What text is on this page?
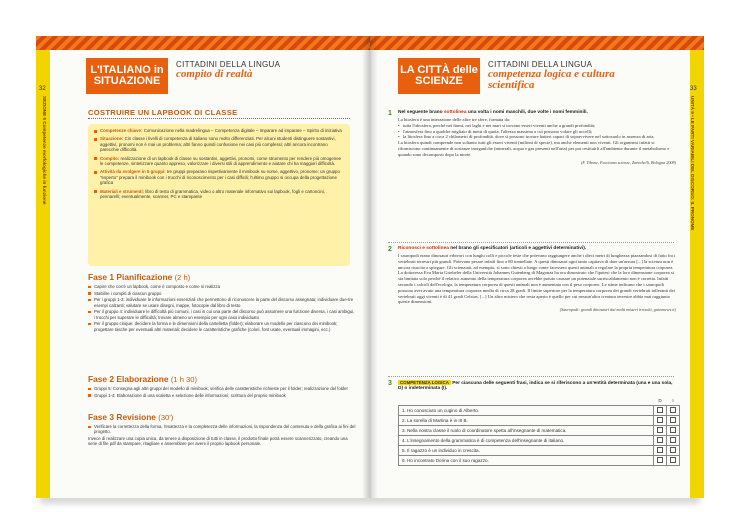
32
SEZIONE 5 Competenze morfologiche in funzione
L'ITALIANO in SITUAZIONE
CITTADINI DELLA LINGUA
compito di realtà
COSTRUIRE UN LAPBOOK DI CLASSE
Competenze chiave: Comunicazione nella madrelingua – Competenza digitale – Imparare ad imparare – Spirito di iniziativa
Situazione: Cin classe i livelli di competenza di italiano sono molto differenziati. Per alcuni studenti distinguere sostantivi, aggettivi, pronomi non è mai un problema; altri fanno quindi confusione nei casi più complessi; altri ancora incontrano parecchie difficoltà.
Compito: realizzazione di un lapbook di classe su sostantivi, aggettivi, pronomi, come strumento per rendere più omogenee le competenze, sintetizzare quanto appreso, valorizzare i diversi stili di apprendimento e aiutare chi ha maggiori difficoltà.
Attività da svolgere in 5 gruppi: tre gruppi preparano rispettivamente il minibook su nome, aggettivo, pronome; un gruppo "esperto" prepara il minibook con i trucchi di riconoscimento per i casi difficili; l'ultimo gruppo si occupa della progettazione grafica
Materiali e strumenti: libro di testo di grammatica, video o altro materiale informativo sui lapbook, fogli e cartoncini, pennarelli; eventualmente, scanner, PC e stampante
Fase 1 Pianificazione (2 h)
Capire che cos'è un lapbook, come è composto e come si realizza
Stabilire i compiti di ciascun gruppo
Per i gruppi 1-3: individuare le informazioni essenziali che permettono di riconoscere la parte del discorso assegnata; individuare due-tre esempi calzanti; valutare se usare disegni, mappe, fotocopie dal libro di testo
Per il gruppo 4: individuare le difficoltà più comuni, i casi in cui una parte del discorso può assumere una funzione diversa, i casi ambigui, i trucchi per superare le difficoltà; trovare almeno un esempio per ogni caso individuato
Per il gruppo cinque: decidere la forma e le dimensioni della cartelletta (folder); elaborare un modello per ciascuno dei minibook; progettare tasche per eventuali altri materiali; decidere le caratteristiche grafiche (colori, font usate, eventuali immagini, ecc.)
Fase 2 Elaborazione (1 h 30)
Gruppi 5: Consegna agli altri gruppi del modello di minibook; verifica delle caratteristiche richieste per il folder; realizzazione del folder
Gruppi 1-4: Elaborazione di una scaletta e selezione delle informazioni; scrittura del proprio minibook
Fase 3 Revisione (30')
Verificare la correttezza della forma, l'esattezza e la completezza delle informazioni, la rispondenza del contenuto e della grafica ai fini del progetto.

Invece di realizzare una copia unica, da tenere a disposizione di tutti in classe, il prodotto finale potrà essere scannerizzato, creando una serie di file pdf da stampare, ritagliare e assemblare per avere il proprio lapbook personale.

33
UNITÀ 9 • LE PARTI VARIABILI DEL DISCORSO: IL PRONOME
LA CITTÀ delle SCIENZE
CITTADINI DELLA LINGUA
competenza logica e cultura scientifica
1 Nel seguente brano sottolinea una volta i nomi maschili, due volte i nomi femminili.
La biosfera è una interazione delle altre tre sfere, formata da:
• tutta l'idrosfera, perché nei fiumi, nei laghi e nei mari si trovano esseri viventi anche a grandi profondità;
• l'atmosfera fino a qualche migliaio di metri di quota, l'altezza massima a cui possono volare gli uccelli;
• la litosfera fino a circa 2 chilometri di profondità, dove si possono trovare batteri capaci di sopravvivere nel sottosuolo in assenza di aria.
La biosfera quindi comprende non soltanto tutti gli esseri viventi (milioni di specie), ma anche elementi non viventi. Gli organismi infatti si riforniscono continuamente di sostanze inorganiche (minerali, acqua e gas presenti nell'aria) per poi restituirli all'ambiente durante il metabolismo e quando sono decomposti dopo la morte.
(F. Tibone, Facciamo scienze, Zanichelli, Bologna 2008)
2 Riconosci e sottolinea nel brano gli specificatori (articoli e aggettivi determinativi).
I sauropodi erano dinosauri erbivori con lunghi colli e piccole teste che potevano raggiungere anche i dieci metri di lunghezza piazzandosi di fatto fra i vertebrati terrestri più grandi. Potevano pesare infatti fino a 80 tonnellate. A questi dinosauri ogni tanto capitava di dare un'arsura [...] la scienza non è ancora riuscita a spiegare. Gli scienziati, ad esempio, si sono chiesti a lungo come facessero questi animali a regolare la propria temperatura corporea. La dottoressa Eva Maria Griebeler della Università Johannes Gutenberg di Magonza ha ora dimostrato che l'ipotesi che la loro dimensione corporea si sia limitata solo perché il relativo aumento della temperatura corporea avrebbe potuto causare un potenziale surriscaldamento non è corretta. Infatti secondo i calcoli dell'ecologa, la temperatura corporea di questi animali non è aumentata con il peso corporeo. Le stime indicano che i sauropodi possono aver avuto una temperatura corporea media di circa 28 gradi. Il limite superiore per la temperatura corporea dei grandi vertebrati tolleranti dei vertebrati oggi viventi è di 41 gradi Celsius. [...] Un altro mistero che resta aperto è quello per cui nessun'altra creatura terrestre abbia mai raggiunto queste dimensioni.
(Sauropodi: grandi dinosauri dai molti misteri irrisolti, guizanews.it)
3	COMPETENZA LOGICA Per ciascuna delle seguenti frasi, indica se si riferiscono a un'entità determinata (una e una sola, D) o indeterminata (I).
	D	I
1. Ho conosciuto un cugino di Alberto.		
2. La sorella di Martina è in III B.		
3. Nella nostra classe il ruolo di coordinatore spetta all'insegnante di matematica.		
4. L'insegnamento della grammatica è di competenza dell'insegnante di italiano.		
5. Il ragazzo è un individuo in crescita.		
6. Ho incontrato Dorina con il suo ragazzo.		
